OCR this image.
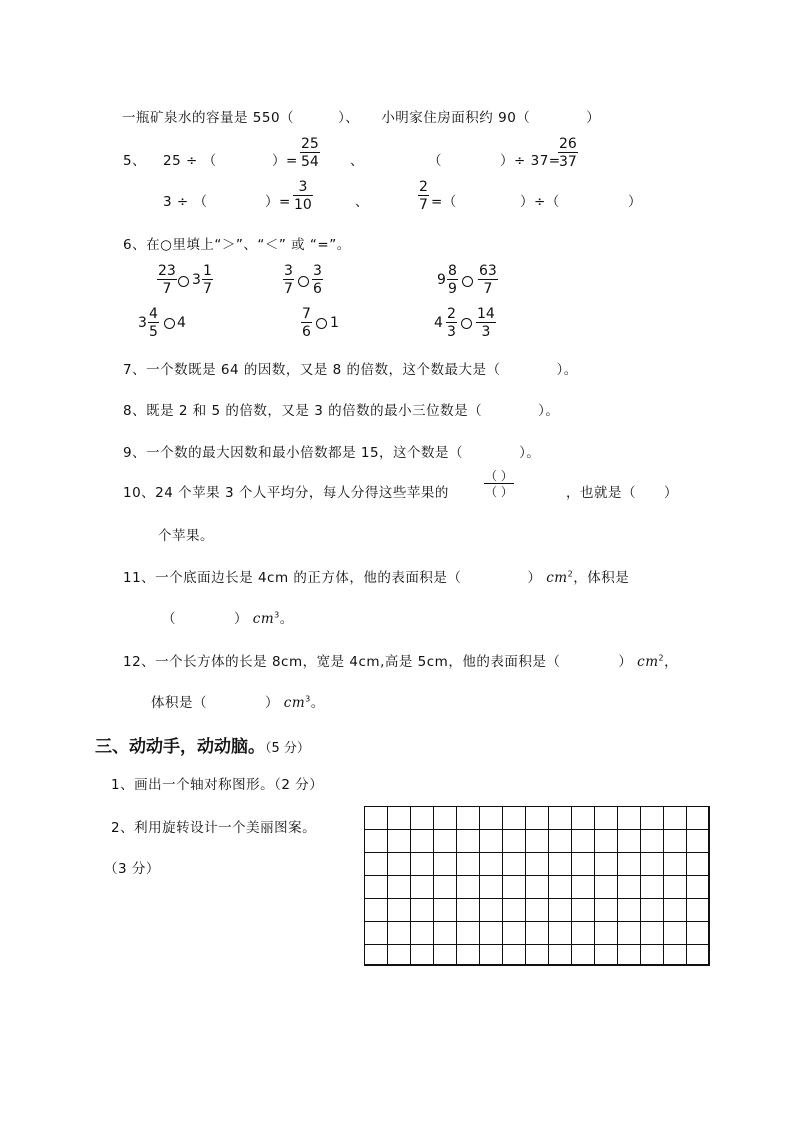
一瓶矿泉水的容量是 550（	）、 小明家住房面积约 90（	）
5、 25 ÷ （	）= $\frac{25}{54}$ 、	（	）÷ 37=
$\frac{26}{37}$
3 ÷ （	）= $\frac{3}{10}$	、	$\frac{2}{7}$ =（	）÷（	）
6、在○里填上“＞”、“＜” 或 “=”。
$\frac{23}{7} 3 \frac{1}{7}$	$\frac{3}{7} \frac{3}{6}$	$9 \frac{8}{9} \frac{63}{7}$
$3 \frac{4}{5} 4$	$\frac{7}{6} 1$	$4 \frac{2}{3} \frac{14}{3}$
7、一个数既是 64 的因数，又是 8 的倍数，这个数最大是（	）。
8、既是 2 和 5 的倍数，又是 3 的倍数的最小三位数是（	）。
9、一个数的最大因数和最小倍数都是 15，这个数是（	）。
10、24 个苹果 3 个人平均分，每人分得这些苹果的
（ ）
（ ）	，也就是（ ）
个苹果。
11、一个底面边长是 4cm 的正方体，他的表面积是（	） $cm^2$，体积是
（	） $cm^3$。
12、一个长方体的长是 8cm，宽是 4cm,高是 5cm，他的表面积是（	） $cm^2$，
体积是（	） $cm^3$。
三、动动手，动动脑。（5 分）
1、画出一个轴对称图形。（2 分）
2、利用旋转设计一个美丽图案。
（3 分）
